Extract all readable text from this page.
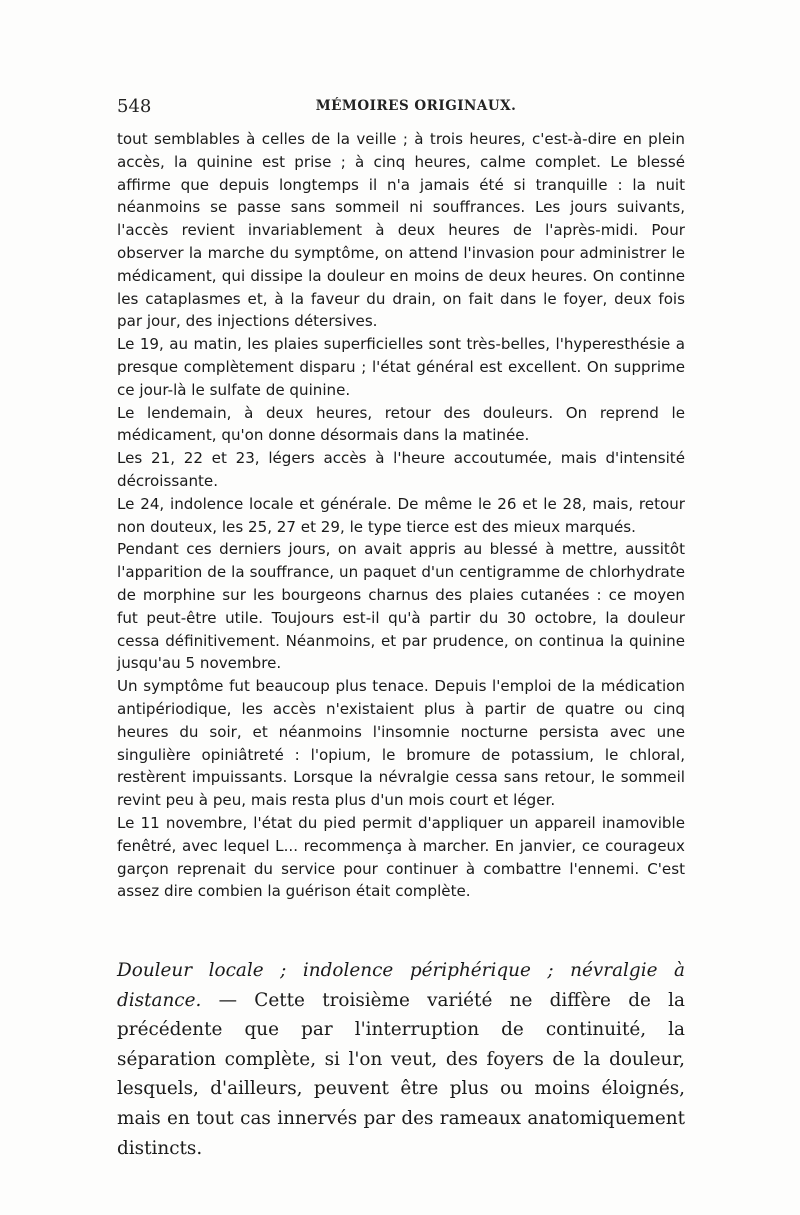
548	MÉMOIRES ORIGINAUX.

tout semblables à celles de la veille ; à trois heures, c'est-à-dire en plein accès, la quinine est prise ; à cinq heures, calme complet. Le blessé affirme que depuis longtemps il n'a jamais été si tranquille : la nuit néanmoins se passe sans sommeil ni souffrances. Les jours suivants, l'accès revient invariablement à deux heures de l'après-midi. Pour observer la marche du symptôme, on attend l'invasion pour administrer le médicament, qui dissipe la douleur en moins de deux heures. On continne les cataplasmes et, à la faveur du drain, on fait dans le foyer, deux fois par jour, des injections détersives.

Le 19, au matin, les plaies superficielles sont très-belles, l'hyperesthésie a presque complètement disparu ; l'état général est excellent. On supprime ce jour-là le sulfate de quinine.

Le lendemain, à deux heures, retour des douleurs. On reprend le médicament, qu'on donne désormais dans la matinée.

Les 21, 22 et 23, légers accès à l'heure accoutumée, mais d'intensité décroissante.

Le 24, indolence locale et générale. De même le 26 et le 28, mais, retour non douteux, les 25, 27 et 29, le type tierce est des mieux marqués.

Pendant ces derniers jours, on avait appris au blessé à mettre, aussitôt l'apparition de la souffrance, un paquet d'un centigramme de chlorhydrate de morphine sur les bourgeons charnus des plaies cutanées : ce moyen fut peut-être utile. Toujours est-il qu'à partir du 30 octobre, la douleur cessa définitivement. Néanmoins, et par prudence, on continua la quinine jusqu'au 5 novembre.

Un symptôme fut beaucoup plus tenace. Depuis l'emploi de la médication antipériodique, les accès n'existaient plus à partir de quatre ou cinq heures du soir, et néanmoins l'insomnie nocturne persista avec une singulière opiniâtreté : l'opium, le bromure de potassium, le chloral, restèrent impuissants. Lorsque la névralgie cessa sans retour, le sommeil revint peu à peu, mais resta plus d'un mois court et léger.

Le 11 novembre, l'état du pied permit d'appliquer un appareil inamovible fenêtré, avec lequel L... recommença à marcher. En janvier, ce courageux garçon reprenait du service pour continuer à combattre l'ennemi. C'est assez dire combien la guérison était complète.

Douleur locale ; indolence périphérique ; névralgie à distance. — Cette troisième variété ne diffère de la précédente que par l'interruption de continuité, la séparation complète, si l'on veut, des foyers de la douleur, lesquels, d'ailleurs, peuvent être plus ou moins éloignés, mais en tout cas innervés par des rameaux anatomiquement distincts.
